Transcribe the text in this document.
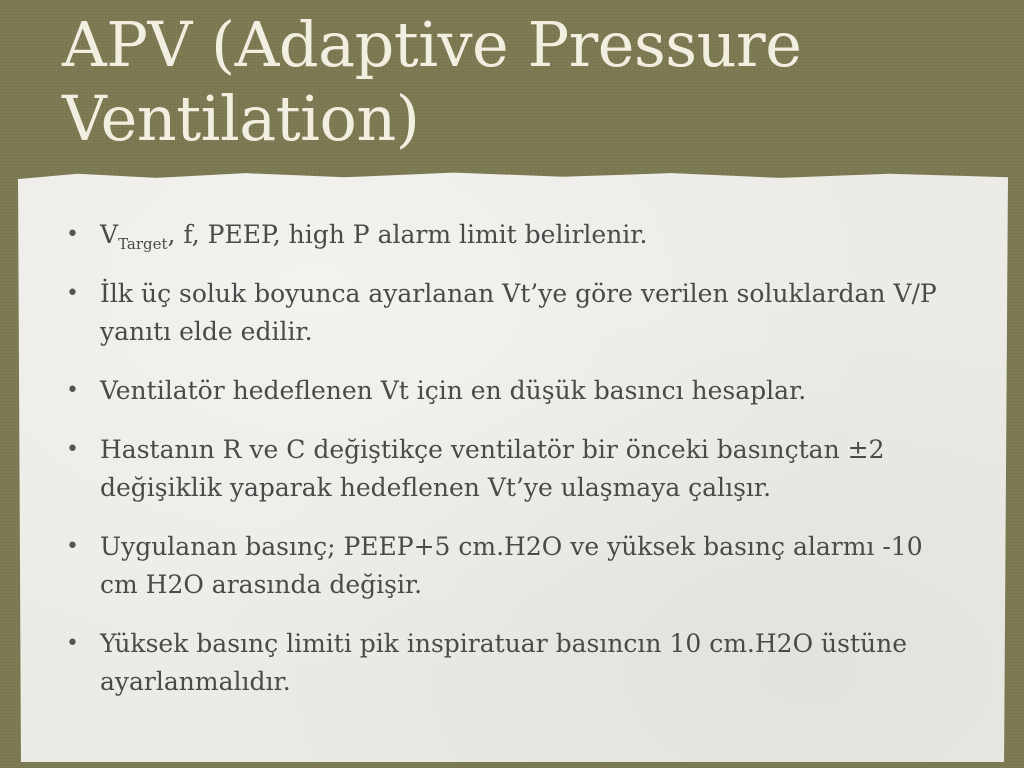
APV (Adaptive Pressure Ventilation)
• $V_{Target}$, f, PEEP, high P alarm limit belirlenir.
• İlk üç soluk boyunca ayarlanan Vt’ye göre verilen soluklardan V/P yanıtı elde edilir.
• Ventilatör hedeflenen Vt için en düşük basıncı hesaplar.
• Hastanın R ve C değiştikçe ventilatör bir önceki basınçtan ±2 değişiklik yaparak hedeflenen Vt’ye ulaşmaya çalışır.
• Uygulanan basınç; PEEP+5 cm.H2O ve yüksek basınç alarmı -10 cm H2O arasında değişir.
• Yüksek basınç limiti pik inspiratuar basıncın 10 cm.H2O üstüne ayarlanmalıdır.
